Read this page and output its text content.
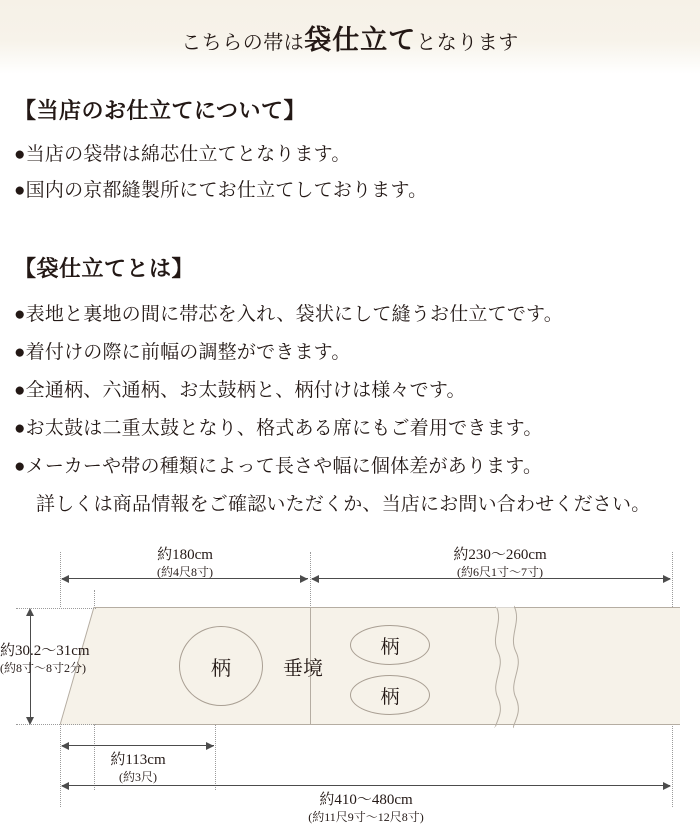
こちらの帯は袋仕立てとなります
【当店のお仕立てについて】
●当店の袋帯は綿芯仕立てとなります。
●国内の京都縫製所にてお仕立てしております。
【袋仕立てとは】
●表地と裏地の間に帯芯を入れ、袋状にして縫うお仕立てです。
●着付けの際に前幅の調整ができます。
●全通柄、六通柄、お太鼓柄と、柄付けは様々です。
●お太鼓は二重太鼓となり、格式ある席にもご着用できます。
●メーカーや帯の種類によって長さや幅に個体差があります。
詳しくは商品情報をご確認いただくか、当店にお問い合わせください。
垂境
柄
柄
柄
約180cm
(約4尺8寸)
約230〜260cm
(約6尺1寸〜7寸)
約30.2〜31cm
(約8寸〜8寸2分)
約113cm
(約3尺)
約410〜480cm
(約11尺9寸〜12尺8寸)
